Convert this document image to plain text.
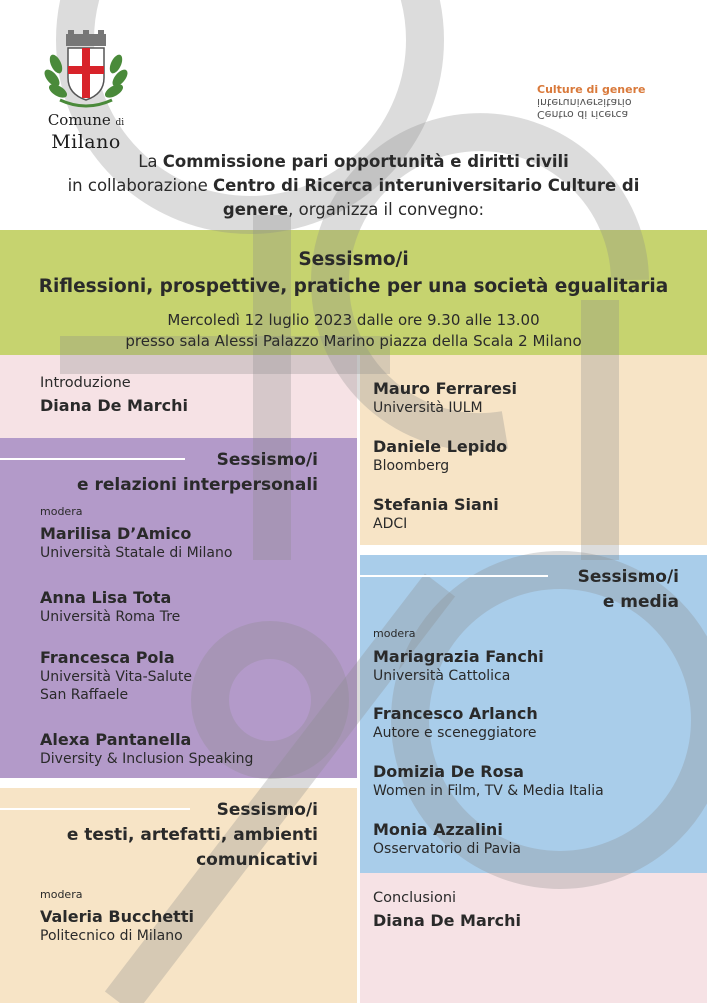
Comune di
Milano
Culture di genere
interuniversitario
Centro di ricerca
La Commissione pari opportunità e diritti civili
in collaborazione Centro di Ricerca interuniversitario Culture di
genere, organizza il convegno:
Sessismo/i
Riflessioni, prospettive, pratiche per una società egualitaria
Mercoledì 12 luglio 2023 dalle ore 9.30 alle 13.00
presso sala Alessi Palazzo Marino piazza della Scala 2 Milano
Introduzione
Diana De Marchi
Sessismo/i
e relazioni interpersonali
modera
Marilisa D’Amico
Università Statale di Milano
Anna Lisa Tota
Università Roma Tre
Francesca Pola
Università Vita-Salute
San Raffaele
Alexa Pantanella
Diversity & Inclusion Speaking
Sessismo/i
e testi, artefatti, ambienti
comunicativi
modera
Valeria Bucchetti
Politecnico di Milano
Mauro Ferraresi
Università IULM
Daniele Lepido
Bloomberg
Stefania Siani
ADCI
Sessismo/i
e media
modera
Mariagrazia Fanchi
Università Cattolica
Francesco Arlanch
Autore e sceneggiatore
Domizia De Rosa
Women in Film, TV & Media Italia
Monia Azzalini
Osservatorio di Pavia
Conclusioni
Diana De Marchi
